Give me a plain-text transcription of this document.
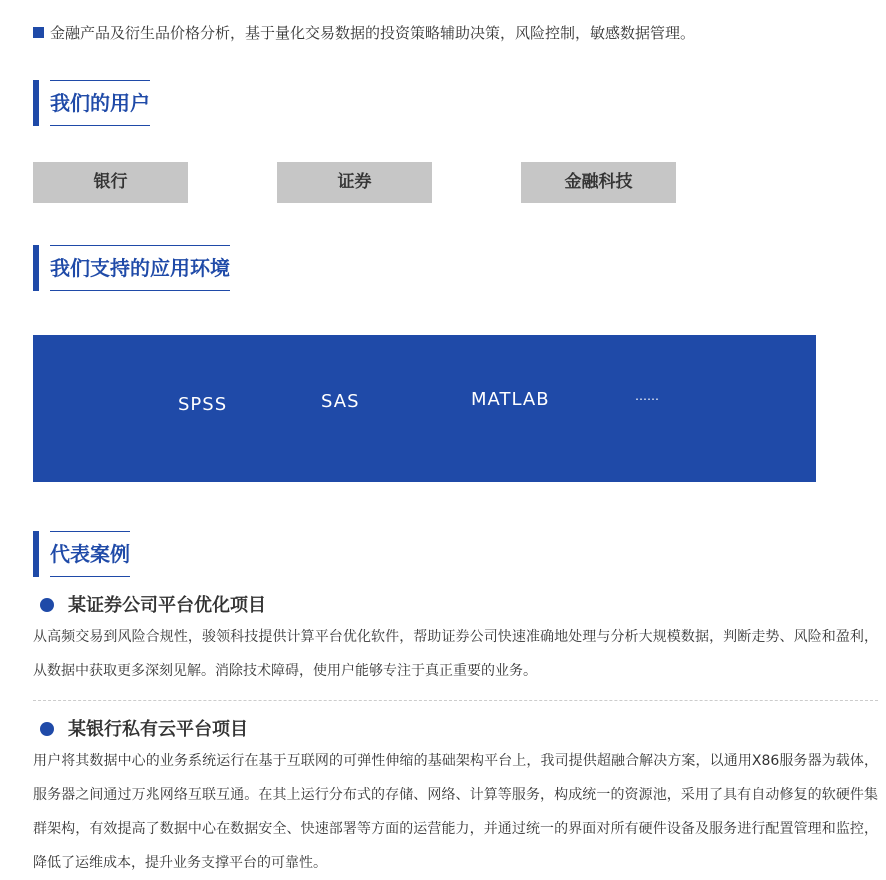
金融产品及衍生品价格分析，基于量化交易数据的投资策略辅助决策，风险控制，敏感数据管理。
我们的用户
银行	证券	金融科技
我们支持的应用环境
SPSS	SAS	MATLAB	……
代表案例
某证券公司平台优化项目
从高频交易到风险合规性，骏领科技提供计算平台优化软件，帮助证券公司快速准确地处理与分析大规模数据，判断走势、风险和盈利，从数据中获取更多深刻见解。消除技术障碍，使用户能够专注于真正重要的业务。
某银行私有云平台项目
用户将其数据中心的业务系统运行在基于互联网的可弹性伸缩的基础架构平台上，我司提供超融合解决方案，以通用X86服务器为载体，服务器之间通过万兆网络互联互通。在其上运行分布式的存储、网络、计算等服务，构成统一的资源池，采用了具有自动修复的软硬件集群架构，有效提高了数据中心在数据安全、快速部署等方面的运营能力，并通过统一的界面对所有硬件设备及服务进行配置管理和监控，降低了运维成本，提升业务支撑平台的可靠性。
